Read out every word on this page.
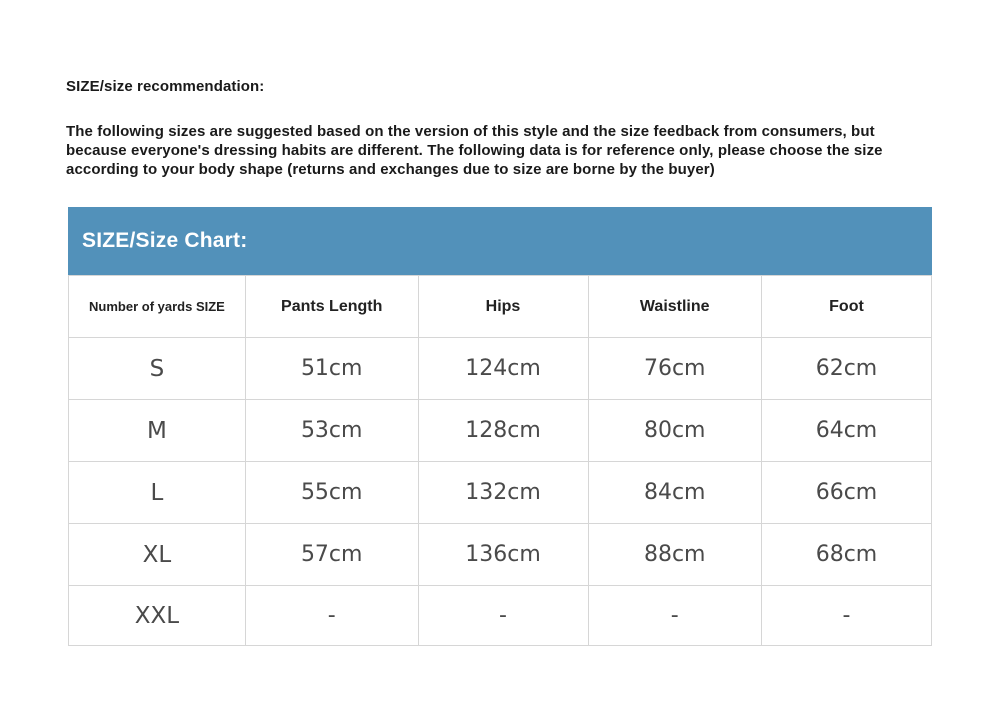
SIZE/size recommendation:

The following sizes are suggested based on the version of this style and the size feedback from consumers, but because everyone's dressing habits are different. The following data is for reference only, please choose the size according to your body shape (returns and exchanges due to size are borne by the buyer)

SIZE/Size Chart:
Number of yards SIZE	Pants Length	Hips	Waistline	Foot
S	51cm	124cm	76cm	62cm
M	53cm	128cm	80cm	64cm
L	55cm	132cm	84cm	66cm
XL	57cm	136cm	88cm	68cm
XXL	-	-	-	-
